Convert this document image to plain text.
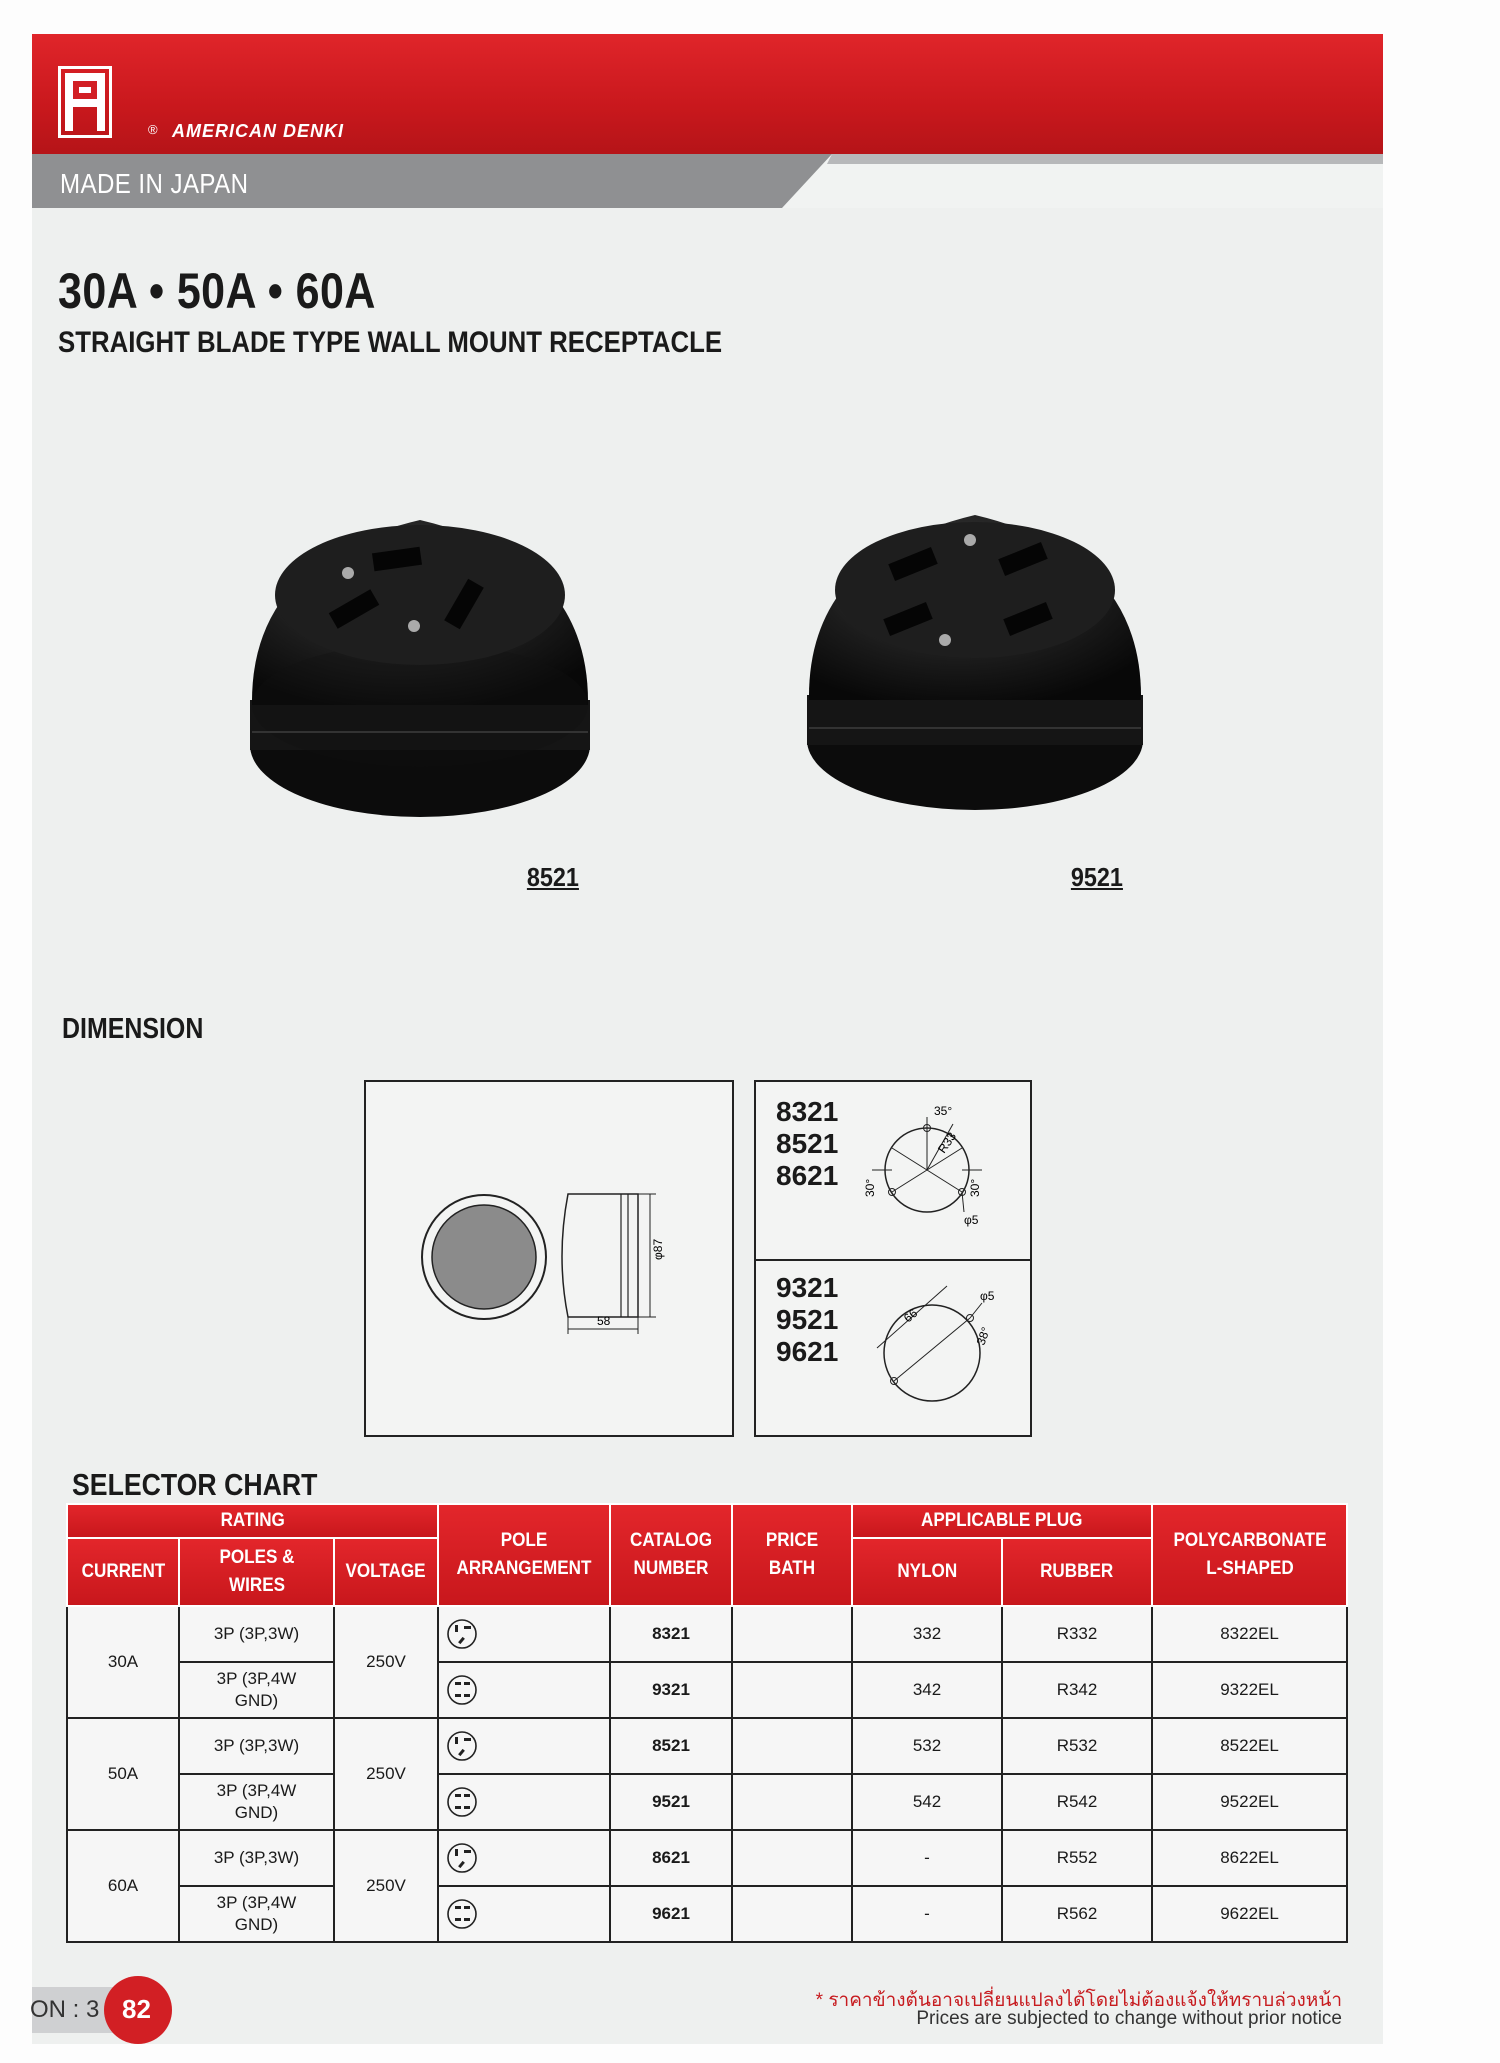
® AMERICAN DENKI
MADE IN JAPAN
30A • 50A • 60A
STRAIGHT BLADE TYPE WALL MOUNT RECEPTACLE
8521	9521
DIMENSION
φ87
58
8321
8521
8621
35°
R33
30°	30°
φ5
9321
9521
9621
66
38°
φ5
SELECTOR CHART
RATING			POLE ARRANGEMENT	CATALOG NUMBER	PRICE BATH	APPLICABLE PLUG		POLYCARBONATE L-SHAPED
CURRENT	POLES & WIRES	VOLTAGE				NYLON	RUBBER	
30A	3P (3P,3W)	250V		8321		332	R332	8322EL
	3P (3P,4W GND)			9321		342	R342	9322EL
50A	3P (3P,3W)	250V		8521		532	R532	8522EL
	3P (3P,4W GND)			9521		542	R542	9522EL
60A	3P (3P,3W)	250V		8621		-	R552	8622EL
	3P (3P,4W GND)			9621		-	R562	9622EL
ON : 3 82	* ราคาข้างต้นอาจเปลี่ยนแปลงได้โดยไม่ต้องแจ้งให้ทราบล่วงหน้า
Prices are subjected to change without prior notice
